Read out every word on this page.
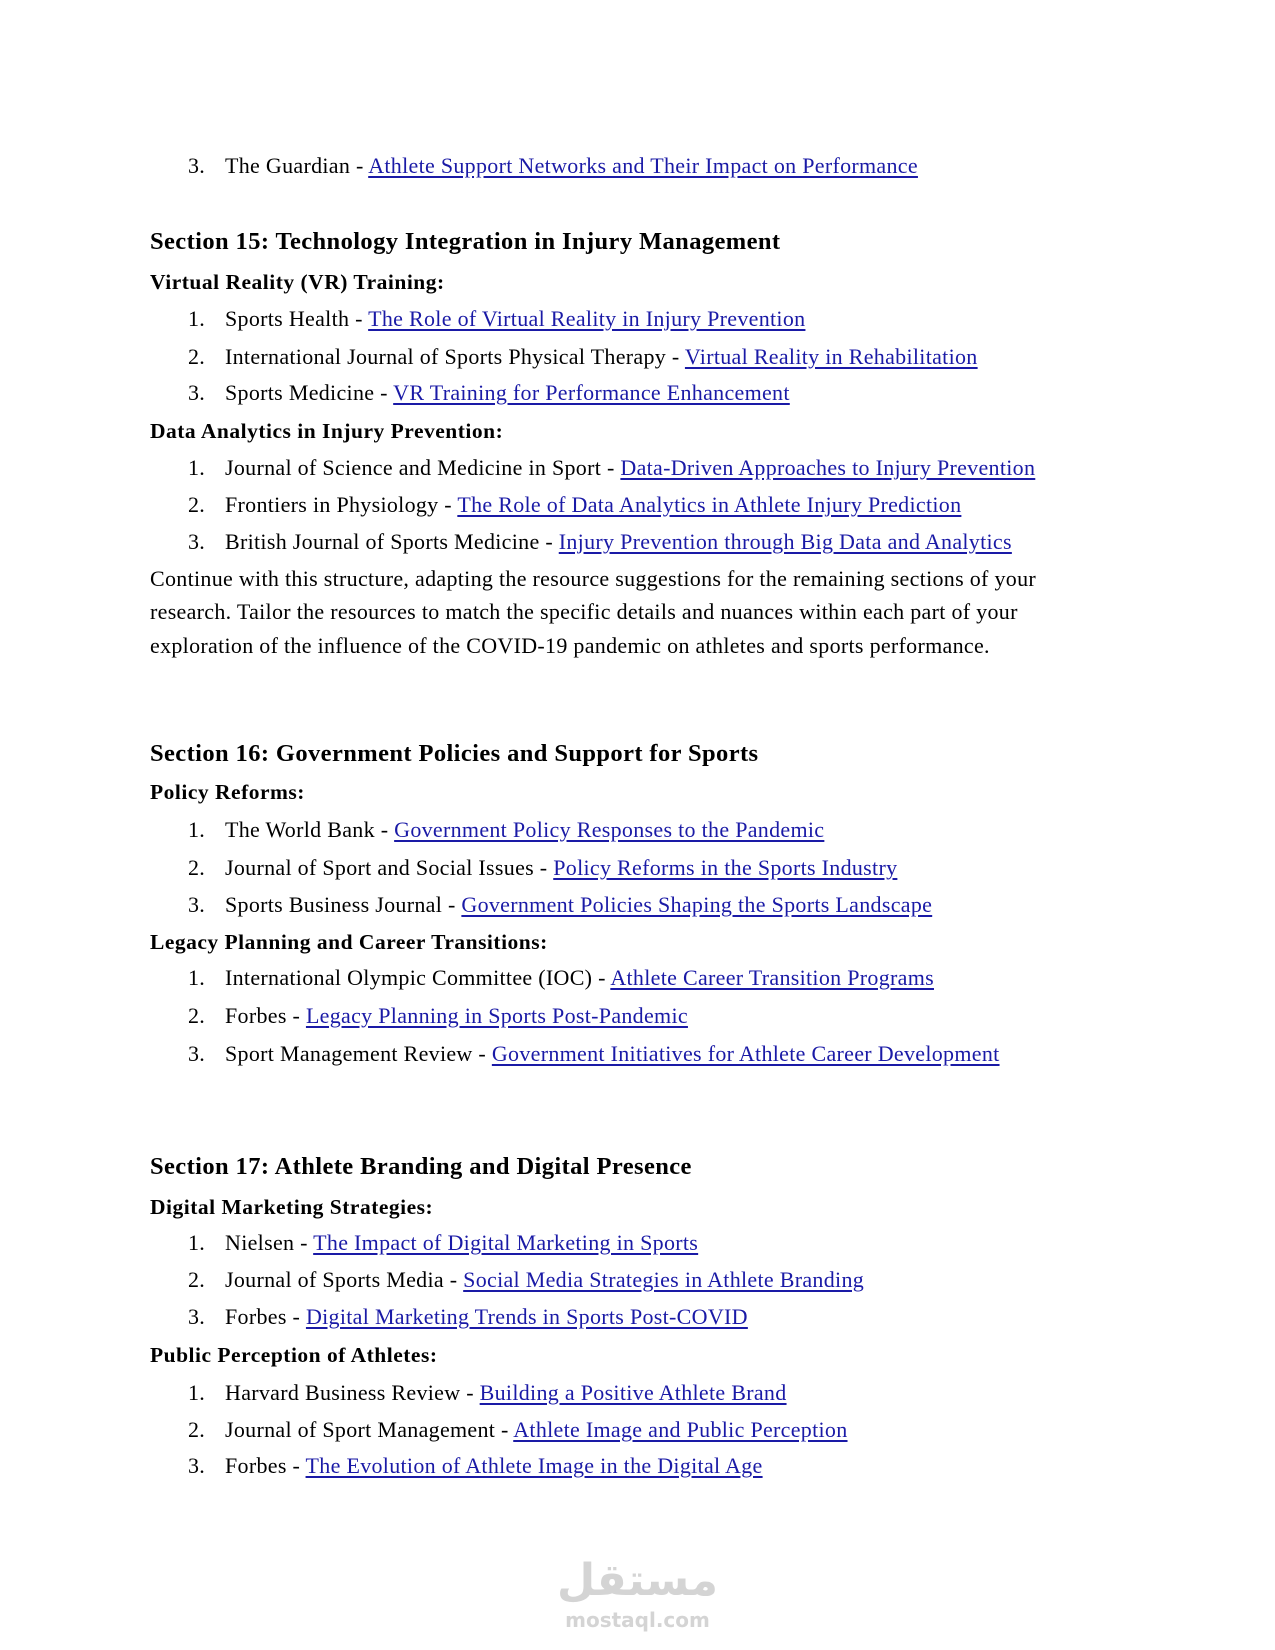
3. The Guardian - Athlete Support Networks and Their Impact on Performance
Section 15: Technology Integration in Injury Management
Virtual Reality (VR) Training:
1. Sports Health - The Role of Virtual Reality in Injury Prevention
2. International Journal of Sports Physical Therapy - Virtual Reality in Rehabilitation
3. Sports Medicine - VR Training for Performance Enhancement
Data Analytics in Injury Prevention:
1. Journal of Science and Medicine in Sport - Data-Driven Approaches to Injury Prevention
2. Frontiers in Physiology - The Role of Data Analytics in Athlete Injury Prediction
3. British Journal of Sports Medicine - Injury Prevention through Big Data and Analytics
Continue with this structure, adapting the resource suggestions for the remaining sections of your
research. Tailor the resources to match the specific details and nuances within each part of your
exploration of the influence of the COVID-19 pandemic on athletes and sports performance.
Section 16: Government Policies and Support for Sports
Policy Reforms:
1. The World Bank - Government Policy Responses to the Pandemic
2. Journal of Sport and Social Issues - Policy Reforms in the Sports Industry
3. Sports Business Journal - Government Policies Shaping the Sports Landscape
Legacy Planning and Career Transitions:
1. International Olympic Committee (IOC) - Athlete Career Transition Programs
2. Forbes - Legacy Planning in Sports Post-Pandemic
3. Sport Management Review - Government Initiatives for Athlete Career Development
Section 17: Athlete Branding and Digital Presence
Digital Marketing Strategies:
1. Nielsen - The Impact of Digital Marketing in Sports
2. Journal of Sports Media - Social Media Strategies in Athlete Branding
3. Forbes - Digital Marketing Trends in Sports Post-COVID
Public Perception of Athletes:
1. Harvard Business Review - Building a Positive Athlete Brand
2. Journal of Sport Management - Athlete Image and Public Perception
3. Forbes - The Evolution of Athlete Image in the Digital Age
مستقل
mostaql.com
